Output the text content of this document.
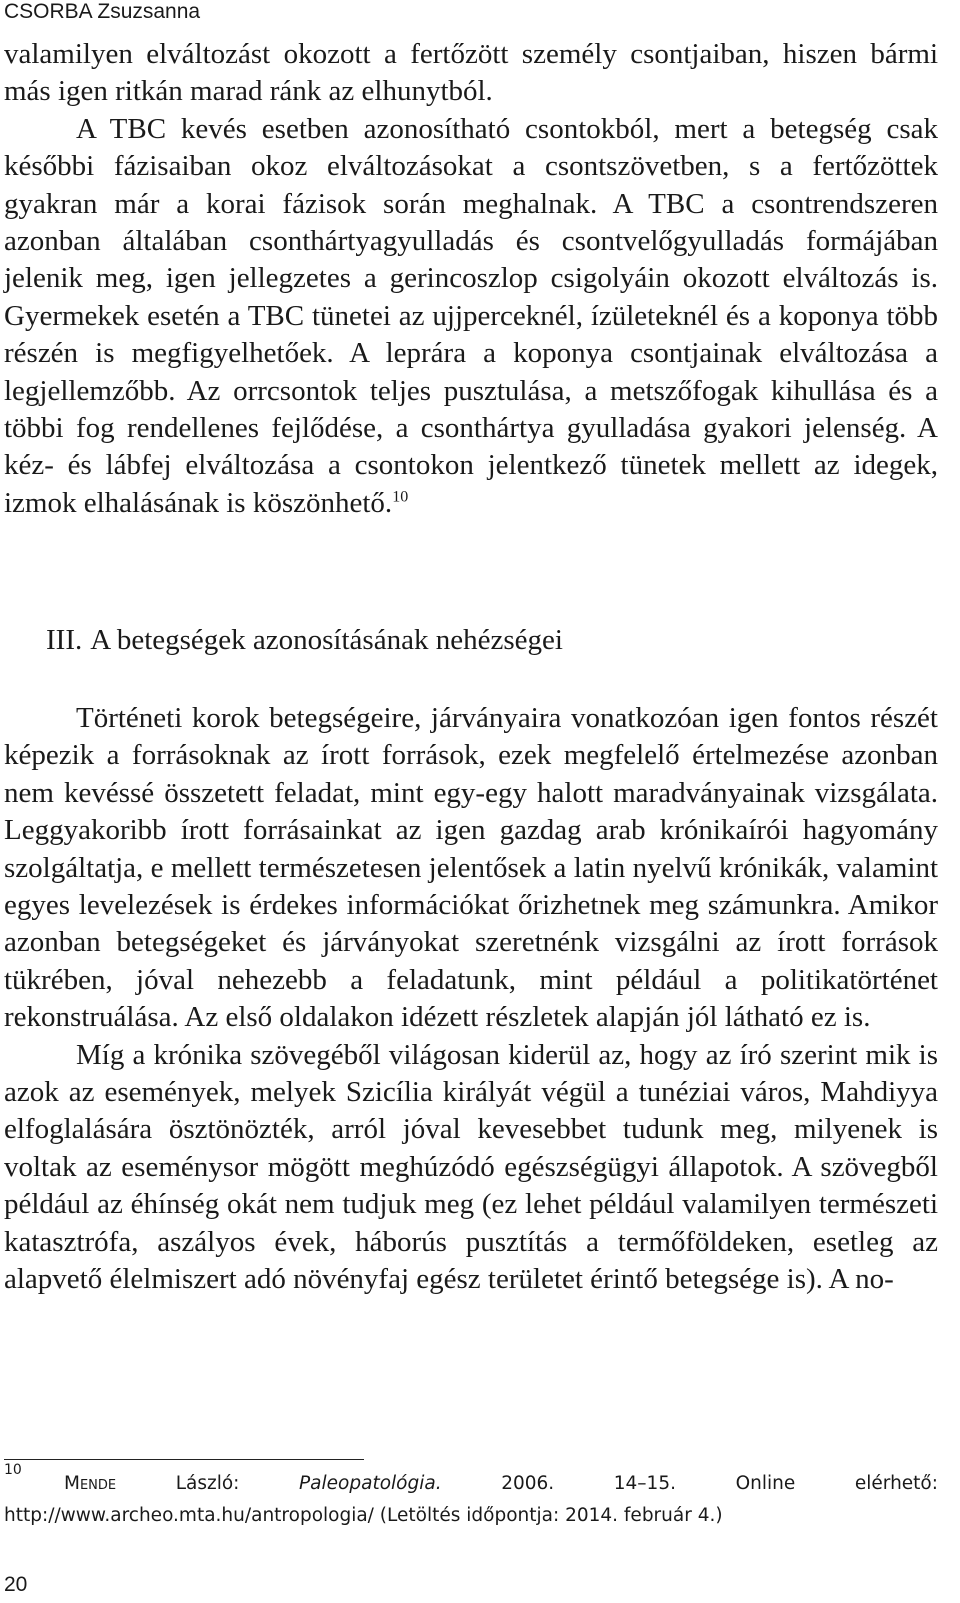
CSORBA Zsuzsanna

valamilyen elváltozást okozott a fertőzött személy csontjaiban, hiszen bármi más igen ritkán marad ránk az elhunytból.

A TBC kevés esetben azonosítható csontokból, mert a betegség csak későbbi fázisaiban okoz elváltozásokat a csontszövetben, s a fertőzöttek gyakran már a korai fázisok során meghalnak. A TBC a csontrendszeren azonban általában csonthártyagyulladás és csontvelőgyulladás formájában jelenik meg, igen jellegzetes a gerincoszlop csigolyáin okozott elváltozás is. Gyermekek esetén a TBC tünetei az ujjperceknél, ízületeknél és a koponya több részén is megfigyelhetőek. A leprára a koponya csontjainak elváltozása a legjellemzőbb. Az orrcsontok teljes pusztulása, a metszőfogak kihullása és a többi fog rendellenes fejlődése, a csonthártya gyulladása gyakori jelenség. A kéz- és lábfej elváltozása a csontokon jelentkező tünetek mellett az idegek, izmok elhalásának is köszönhető.$^{10}$

III. A betegségek azonosításának nehézségei

Történeti korok betegségeire, járványaira vonatkozóan igen fontos részét képezik a forrásoknak az írott források, ezek megfelelő értelmezése azonban nem kevéssé összetett feladat, mint egy-egy halott maradványainak vizsgálata. Leggyakoribb írott forrásainkat az igen gazdag arab krónikaírói hagyomány szolgáltatja, e mellett természetesen jelentősek a latin nyelvű krónikák, valamint egyes levelezések is érdekes információkat őrizhetnek meg számunkra. Amikor azonban betegségeket és járványokat szeretnénk vizsgálni az írott források tükrében, jóval nehezebb a feladatunk, mint például a politikatörténet rekonstruálása. Az első oldalakon idézett részletek alapján jól látható ez is.

Míg a krónika szövegéből világosan kiderül az, hogy az író szerint mik is azok az események, melyek Szicília királyát végül a tunéziai város, Mahdiyya elfoglalására ösztönözték, arról jóval kevesebbet tudunk meg, milyenek is voltak az eseménysor mögött meghúzódó egészségügyi állapotok. A szövegből például az éhínség okát nem tudjuk meg (ez lehet például valamilyen természeti katasztrófa, aszályos évek, háborús pusztítás a termőföldeken, esetleg az alapvető élelmiszert adó növényfaj egész területet érintő betegsége is). A no-

10
Mende	László:	Paleopatológia.	2006.	14–15.	Online	elérhető:
http://www.archeo.mta.hu/antropologia/ (Letöltés időpontja: 2014. február 4.)
20
